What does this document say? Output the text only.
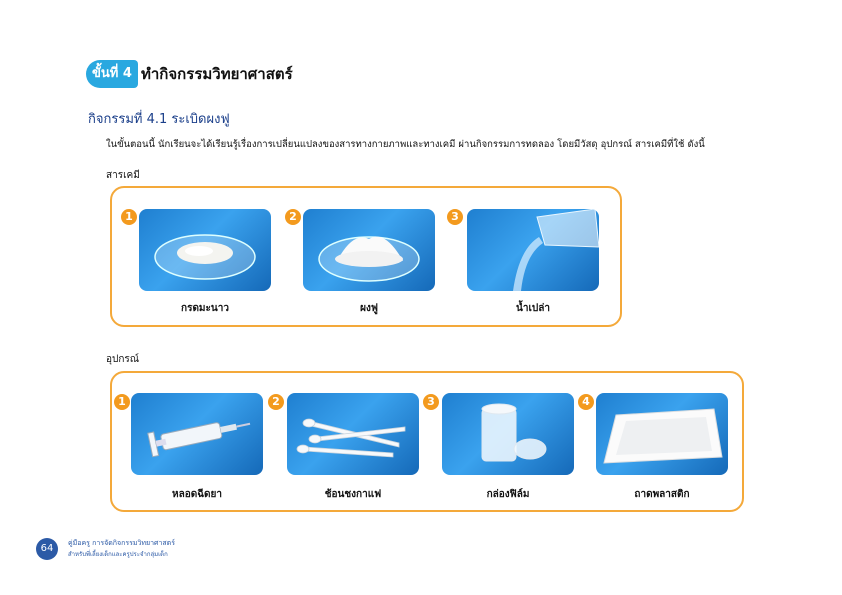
ขั้นที่ 4 ทำกิจกรรมวิทยาศาสตร์
กิจกรรมที่ 4.1 ระเบิดผงฟู
ในขั้นตอนนี้ นักเรียนจะได้เรียนรู้เรื่องการเปลี่ยนแปลงของสารทางกายภาพและทางเคมี ผ่านกิจกรรมการทดลอง โดยมีวัสดุ อุปกรณ์ สารเคมีที่ใช้ ดังนี้
สารเคมี
1
กรดมะนาว
2
ผงฟู
3
น้ำเปล่า
อุปกรณ์
1
หลอดฉีดยา
2
ช้อนชงกาแฟ
3
กล่องฟิล์ม
4
ถาดพลาสติก
64	คู่มือครู การจัดกิจกรรมวิทยาศาสตร์
สำหรับพี่เลี้ยงเด็กและครูประจำกลุ่มเด็ก
